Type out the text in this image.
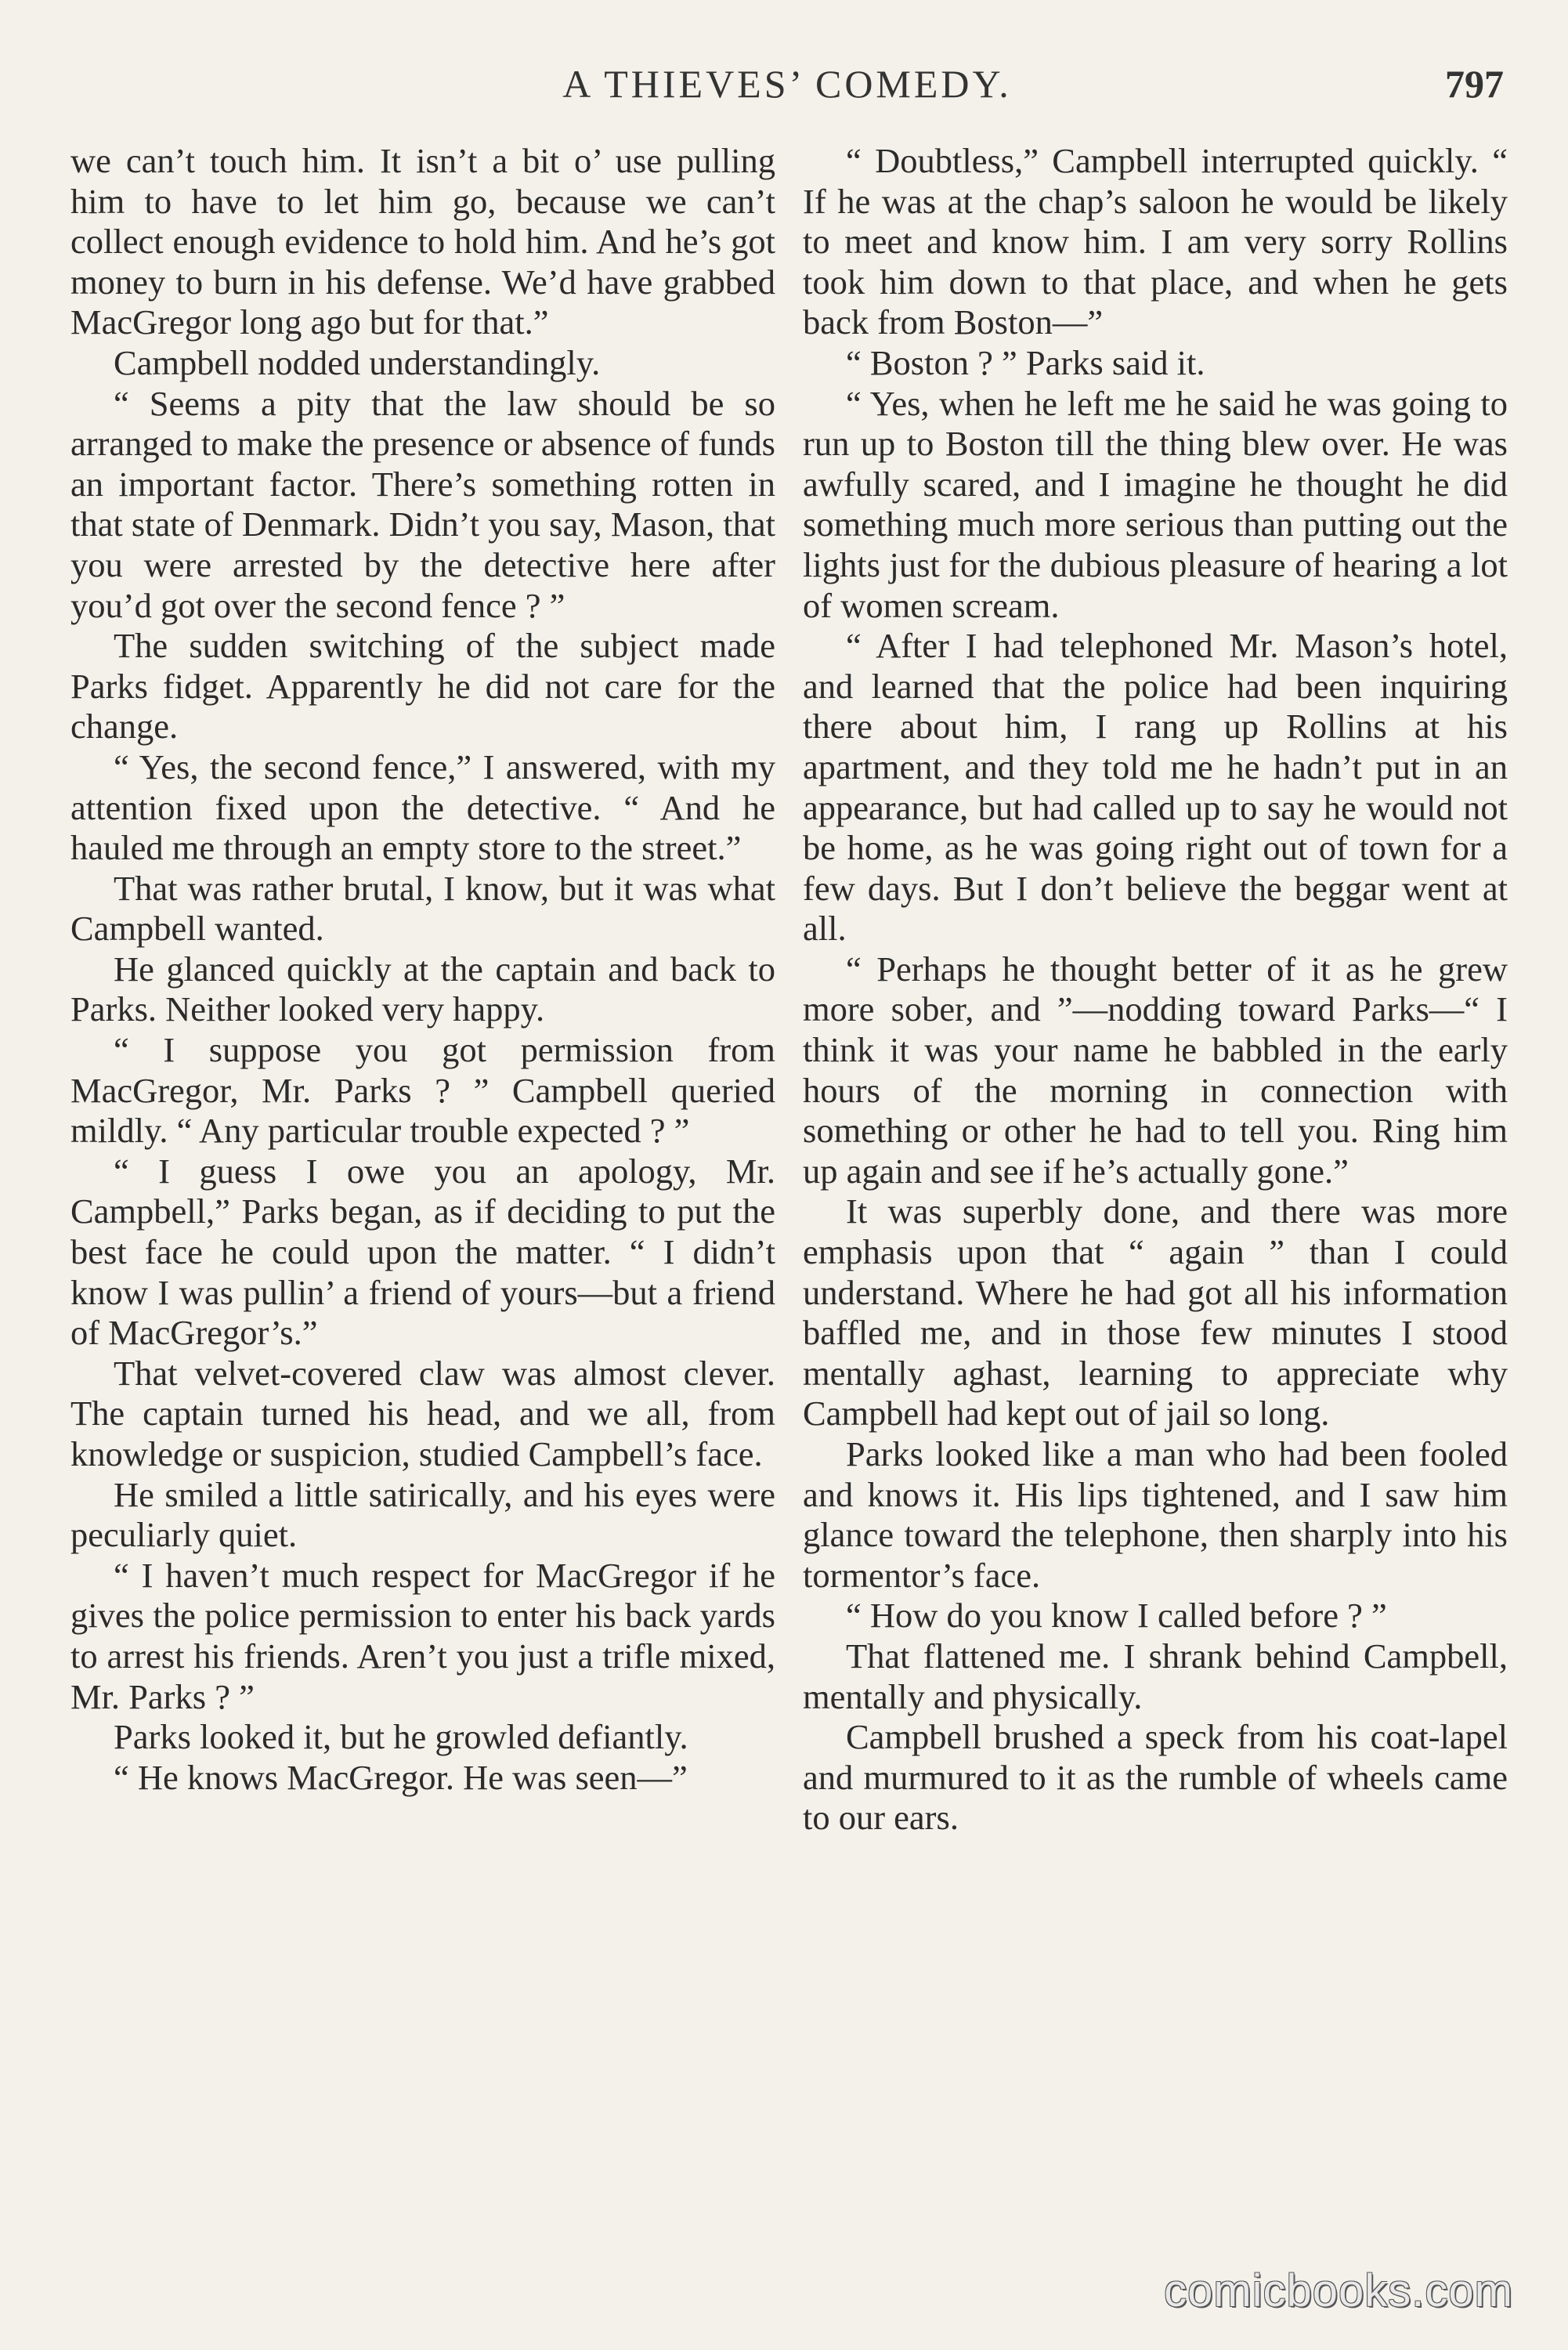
A THIEVES’ COMEDY.	797

we can’t touch him. It isn’t a bit o’ use pulling him to have to let him go, because we can’t collect enough evidence to hold him. And he’s got money to burn in his defense. We’d have grabbed MacGregor long ago but for that.”

Campbell nodded understandingly.

“ Seems a pity that the law should be so arranged to make the presence or absence of funds an important factor. There’s something rotten in that state of Denmark. Didn’t you say, Mason, that you were arrested by the detective here after you’d got over the second fence ? ”

The sudden switching of the subject made Parks fidget. Apparently he did not care for the change.

“ Yes, the second fence,” I answered, with my attention fixed upon the detective. “ And he hauled me through an empty store to the street.”

That was rather brutal, I know, but it was what Campbell wanted.

He glanced quickly at the captain and back to Parks. Neither looked very happy.

“ I suppose you got permission from MacGregor, Mr. Parks ? ” Campbell queried mildly. “ Any particular trouble expected ? ”

“ I guess I owe you an apology, Mr. Campbell,” Parks began, as if deciding to put the best face he could upon the matter. “ I didn’t know I was pullin’ a friend of yours—but a friend of MacGregor’s.”

That velvet-covered claw was almost clever. The captain turned his head, and we all, from knowledge or suspicion, studied Campbell’s face.

He smiled a little satirically, and his eyes were peculiarly quiet.

“ I haven’t much respect for MacGregor if he gives the police permission to enter his back yards to arrest his friends. Aren’t you just a trifle mixed, Mr. Parks ? ”

Parks looked it, but he growled defiantly.

“ He knows MacGregor. He was seen—”

“ Doubtless,” Campbell interrupted quickly. “ If he was at the chap’s saloon he would be likely to meet and know him. I am very sorry Rollins took him down to that place, and when he gets back from Boston—”

“ Boston ? ” Parks said it.

“ Yes, when he left me he said he was going to run up to Boston till the thing blew over. He was awfully scared, and I imagine he thought he did something much more serious than putting out the lights just for the dubious pleasure of hearing a lot of women scream.

“ After I had telephoned Mr. Mason’s hotel, and learned that the police had been inquiring there about him, I rang up Rollins at his apartment, and they told me he hadn’t put in an appearance, but had called up to say he would not be home, as he was going right out of town for a few days. But I don’t believe the beggar went at all.

“ Perhaps he thought better of it as he grew more sober, and ”—nodding toward Parks—“ I think it was your name he babbled in the early hours of the morning in connection with something or other he had to tell you. Ring him up again and see if he’s actually gone.”

It was superbly done, and there was more emphasis upon that “ again ” than I could understand. Where he had got all his information baffled me, and in those few minutes I stood mentally aghast, learning to appreciate why Campbell had kept out of jail so long.

Parks looked like a man who had been fooled and knows it. His lips tightened, and I saw him glance toward the telephone, then sharply into his tormentor’s face.

“ How do you know I called before ? ”

That flattened me. I shrank behind Campbell, mentally and physically.

Campbell brushed a speck from his coat-lapel and murmured to it as the rumble of wheels came to our ears.

comicbooks.com
